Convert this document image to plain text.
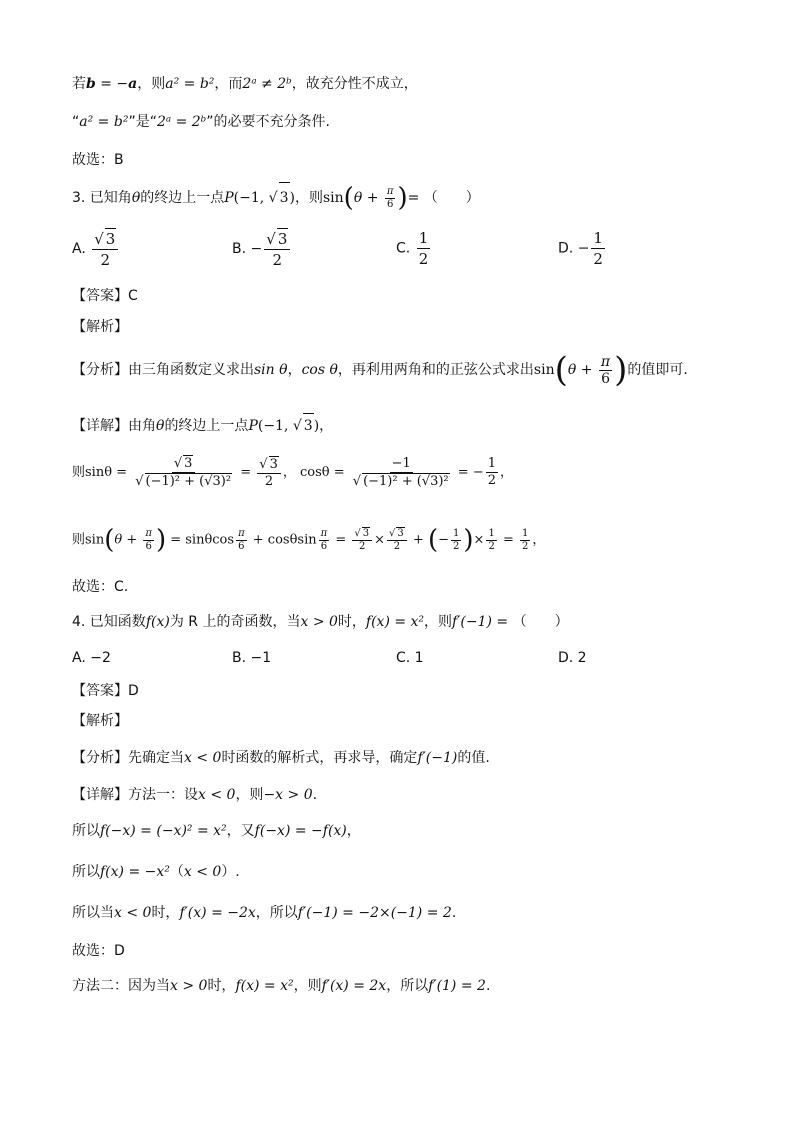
若b = −a，则a² = b²，而2ᵃ ≠ 2ᵇ，故充分性不成立，
“a² = b²”是“2ᵃ = 2ᵇ”的必要不充分条件.
故选：B
3. 已知角θ的终边上一点P(−1, √ 3)，则$\sin(\theta + \frac{\pi}{6}$ )= （　　）
A. $\frac{√ 3}{2}$	B. − $\frac{√ 3}{2}$	C. $\frac{1}{2}$	D. − $\frac{1}{2}$
【答案】C
【解析】
【分析】由三角函数定义求出sin θ，cos θ，再利用两角和的正弦公式求出$\sin(\theta + \frac{\pi}{6}$ )的值即可.
【详解】由角θ的终边上一点P(−1, √ 3)，
则$\sin\theta = \frac{√ 3}{\text{√ (−1)² + (√3)²}} = \frac{√ 3}{2}$ ， $\cos\theta = \frac{-1}{\text{√ (−1)² + (√3)²}}$ = − $\frac{1}{2}$ ，
则$\sin(\theta + \frac{\pi}{6}$ ) = sinθcos $\frac{\pi}{6} + \cos\theta\sin \frac{\pi}{6} = \frac{√ 3}{2} \times \frac{√ 3}{2}$ + (− $\frac{1}{2}$ )× $\frac{1}{2} = \frac{1}{2}$ ，
故选：C.
4. 已知函数f(x)为 R 上的奇函数，当x > 0时，f(x) = x²，则f′(−1) = （　　）
A. −2	B. −1	C. 1	D. 2
【答案】D
【解析】
【分析】先确定当x < 0时函数的解析式，再求导，确定f′(−1)的值.
【详解】方法一：设x < 0，则−x > 0.
所以f(−x) = (−x)² = x²，又f(−x) = −f(x)，
所以f(x) = −x²（x < 0）.
所以当x < 0时，f′(x) = −2x，所以f′(−1) = −2×(−1) = 2.
故选：D
方法二：因为当x > 0时，f(x) = x²，则f′(x) = 2x，所以f′(1) = 2.
